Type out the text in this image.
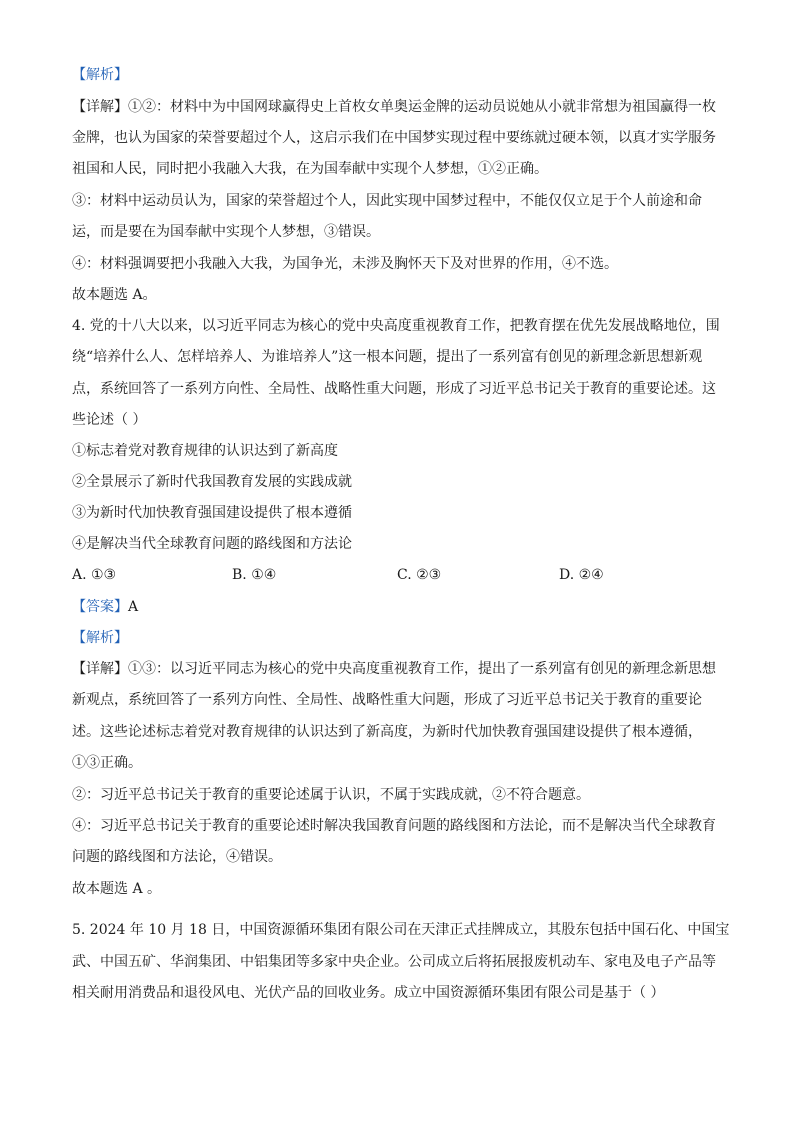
【解析】
【详解】①②：材料中为中国网球赢得史上首枚女单奥运金牌的运动员说她从小就非常想为祖国赢得一枚
金牌，也认为国家的荣誉要超过个人，这启示我们在中国梦实现过程中要练就过硬本领，以真才实学服务
祖国和人民，同时把小我融入大我，在为国奉献中实现个人梦想，①②正确。
③：材料中运动员认为，国家的荣誉超过个人，因此实现中国梦过程中，不能仅仅立足于个人前途和命
运，而是要在为国奉献中实现个人梦想，③错误。
④：材料强调要把小我融入大我，为国争光，未涉及胸怀天下及对世界的作用，④不选。
故本题选 A。
4. 党的十八大以来，以习近平同志为核心的党中央高度重视教育工作，把教育摆在优先发展战略地位，围
绕“培养什么人、怎样培养人、为谁培养人”这一根本问题，提出了一系列富有创见的新理念新思想新观
点，系统回答了一系列方向性、全局性、战略性重大问题，形成了习近平总书记关于教育的重要论述。这
些论述（ ）
①标志着党对教育规律的认识达到了新高度
②全景展示了新时代我国教育发展的实践成就
③为新时代加快教育强国建设提供了根本遵循
④是解决当代全球教育问题的路线图和方法论
A. ①③	B. ①④	C. ②③	D. ②④
【答案】A
【解析】
【详解】①③：以习近平同志为核心的党中央高度重视教育工作，提出了一系列富有创见的新理念新思想
新观点，系统回答了一系列方向性、全局性、战略性重大问题，形成了习近平总书记关于教育的重要论
述。这些论述标志着党对教育规律的认识达到了新高度，为新时代加快教育强国建设提供了根本遵循，
①③正确。
②：习近平总书记关于教育的重要论述属于认识，不属于实践成就，②不符合题意。
④：习近平总书记关于教育的重要论述时解决我国教育问题的路线图和方法论，而不是解决当代全球教育
问题的路线图和方法论，④错误。
故本题选 A 。
5. 2024 年 10 月 18 日，中国资源循环集团有限公司在天津正式挂牌成立，其股东包括中国石化、中国宝
武、中国五矿、华润集团、中铝集团等多家中央企业。公司成立后将拓展报废机动车、家电及电子产品等
相关耐用消费品和退役风电、光伏产品的回收业务。成立中国资源循环集团有限公司是基于（ ）
